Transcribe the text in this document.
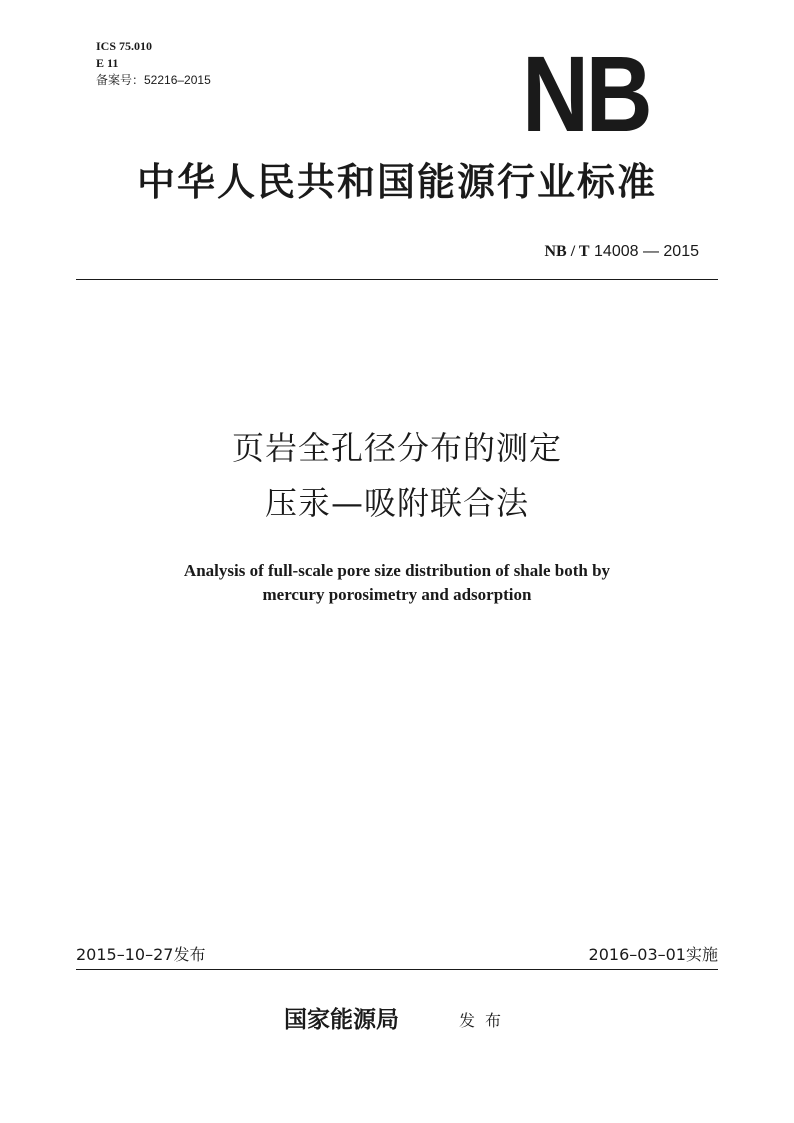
ICS 75.010
E 11
备案号：52216–2015	NB
中华人民共和国能源行业标准
NB / T 14008 — 2015
页岩全孔径分布的测定
压汞—吸附联合法
Analysis of full-scale pore size distribution of shale both by
mercury porosimetry and adsorption
2015–10–27发布	2016–03–01实施
国家能源局	发布
